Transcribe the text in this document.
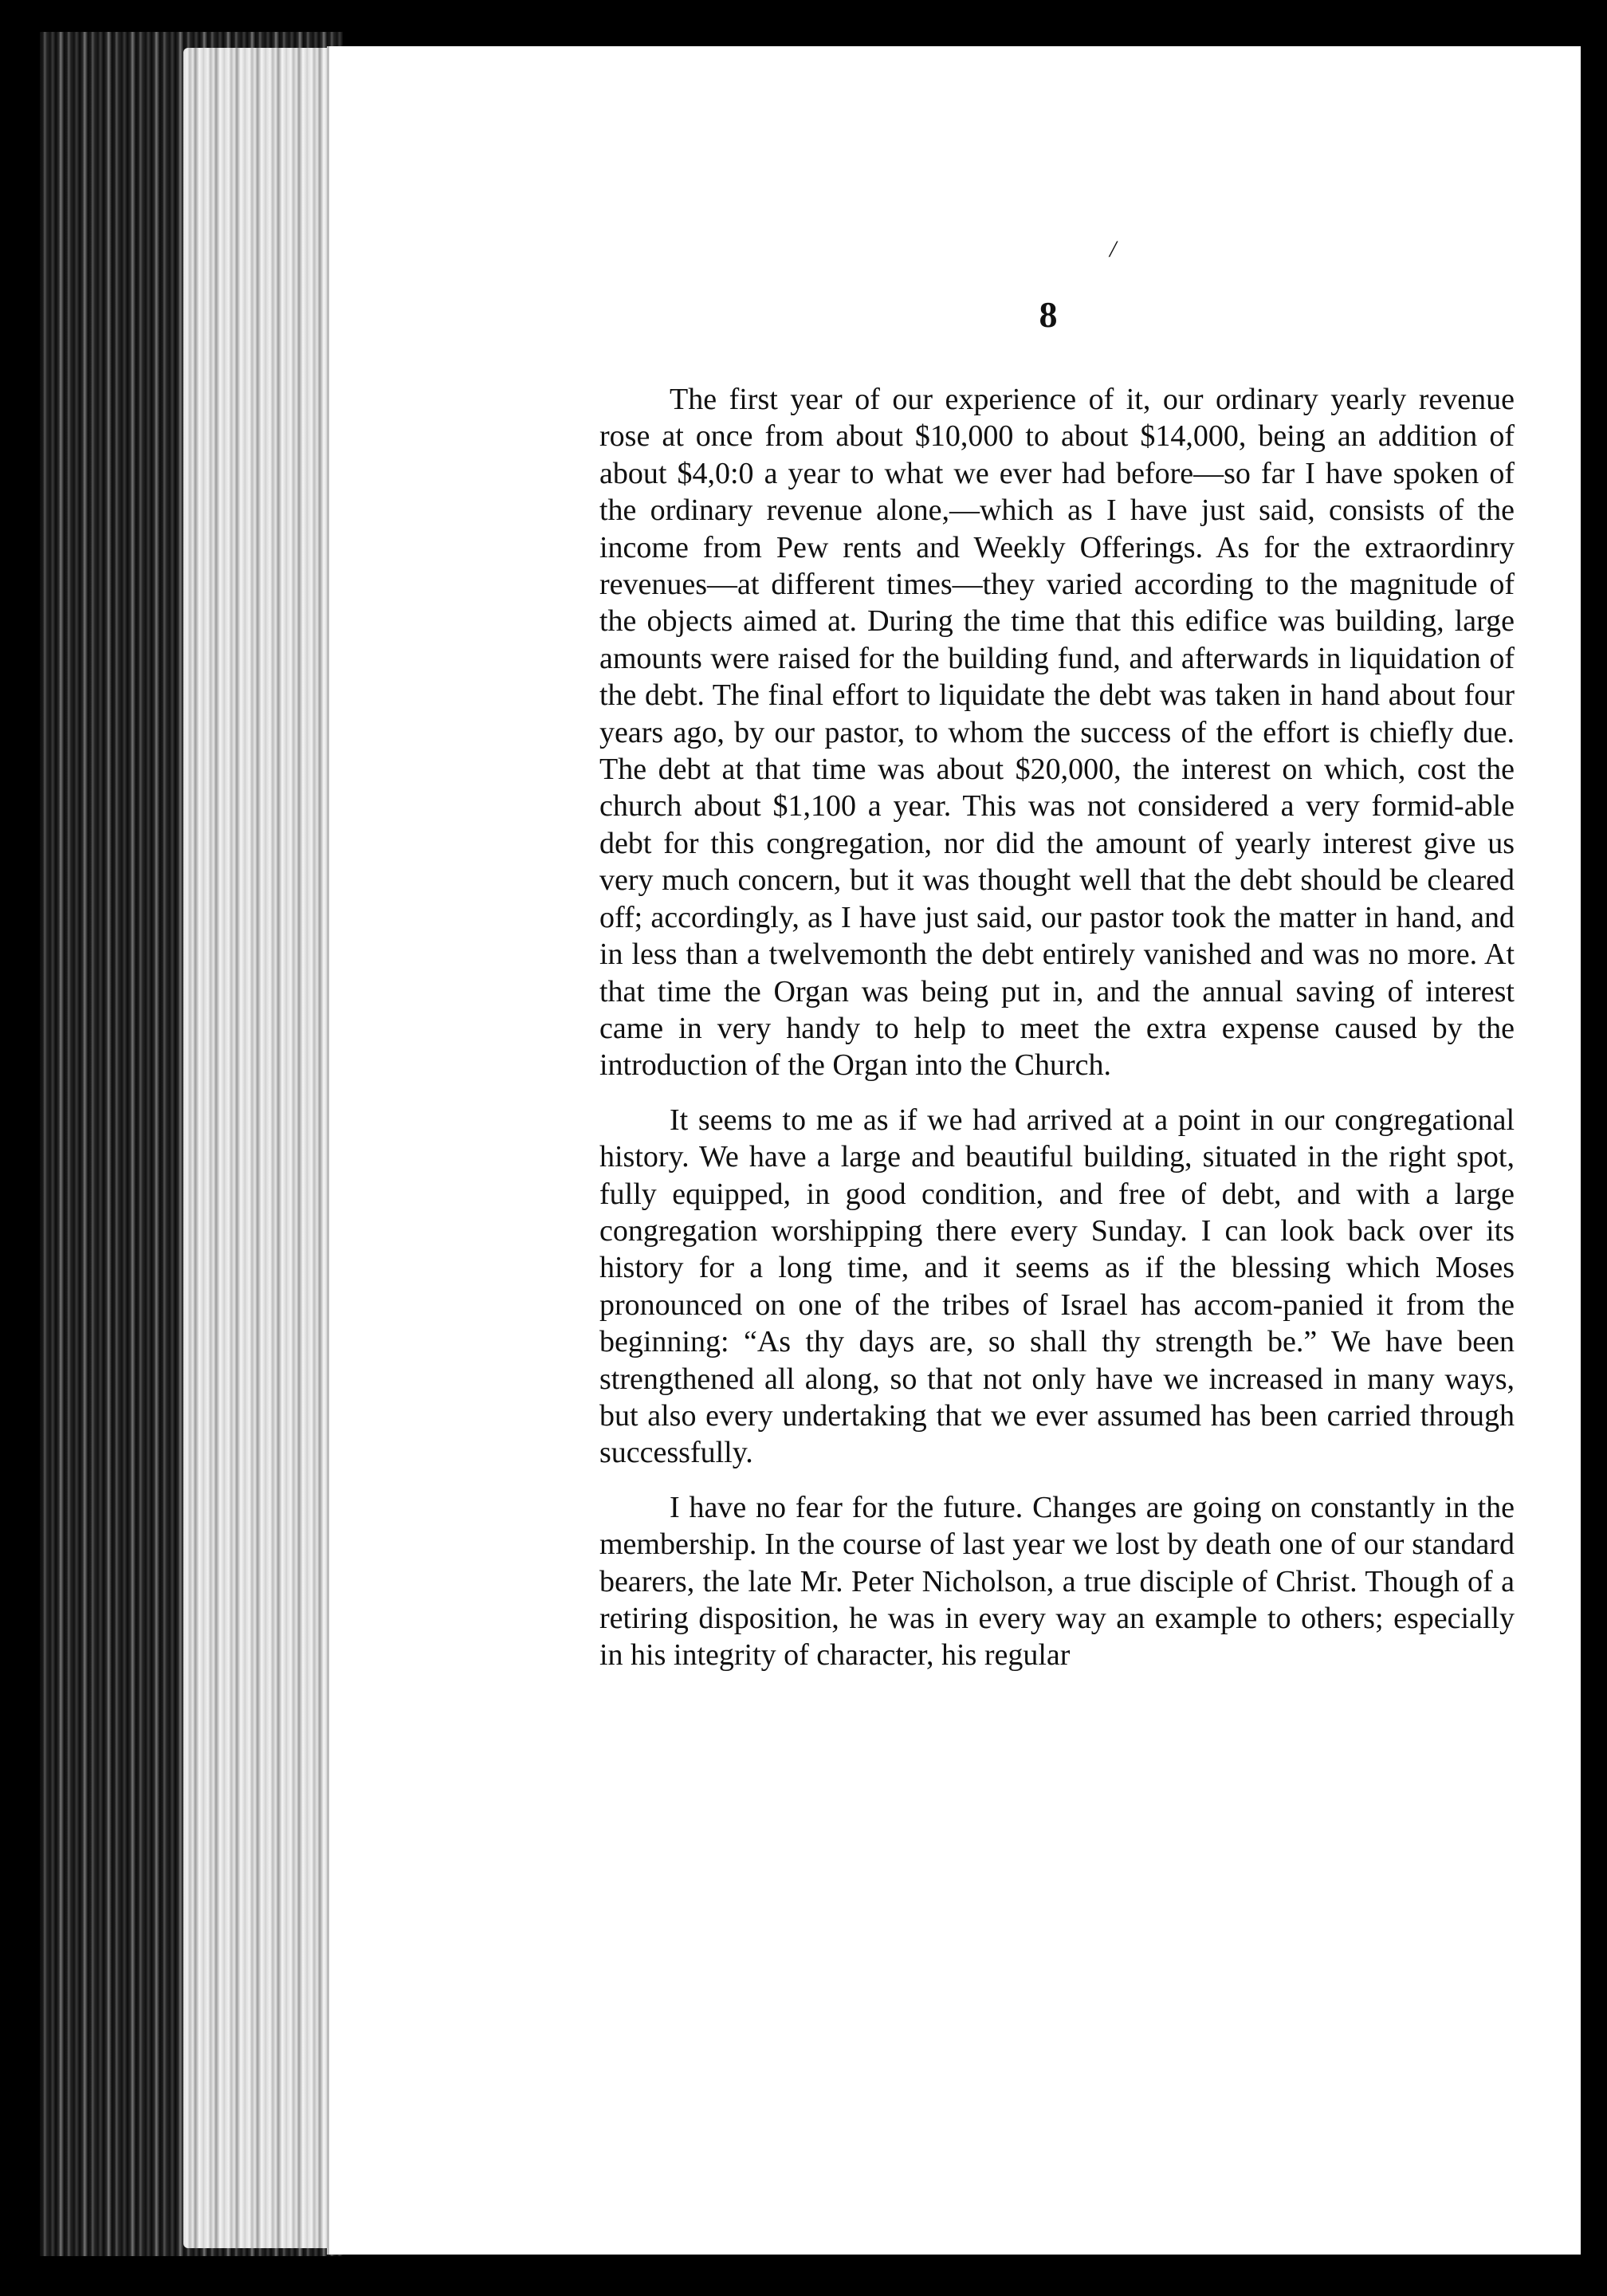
/
8

The first year of our experience of it, our ordinary yearly revenue rose at once from about $10,000 to about $14,000, being an addition of about $4,0:0 a year to what we ever had before—so far I have spoken of the ordinary revenue alone,—which as I have just said, consists of the income from Pew rents and Weekly Offerings. As for the extraordinry revenues—at different times—they varied according to the magnitude of the objects aimed at. During the time that this edifice was building, large amounts were raised for the building fund, and afterwards in liquidation of the debt. The final effort to liquidate the debt was taken in hand about four years ago, by our pastor, to whom the success of the effort is chiefly due. The debt at that time was about $20,000, the interest on which, cost the church about $1,100 a year. This was not considered a very formid-able debt for this congregation, nor did the amount of yearly interest give us very much concern, but it was thought well that the debt should be cleared off; accordingly, as I have just said, our pastor took the matter in hand, and in less than a twelvemonth the debt entirely vanished and was no more. At that time the Organ was being put in, and the annual saving of interest came in very handy to help to meet the extra expense caused by the introduction of the Organ into the Church.

It seems to me as if we had arrived at a point in our congregational history. We have a large and beautiful building, situated in the right spot, fully equipped, in good condition, and free of debt, and with a large congregation worshipping there every Sunday. I can look back over its history for a long time, and it seems as if the blessing which Moses pronounced on one of the tribes of Israel has accom-panied it from the beginning: “As thy days are, so shall thy strength be.” We have been strengthened all along, so that not only have we increased in many ways, but also every undertaking that we ever assumed has been carried through successfully.

I have no fear for the future. Changes are going on constantly in the membership. In the course of last year we lost by death one of our standard bearers, the late Mr. Peter Nicholson, a true disciple of Christ. Though of a retiring disposition, he was in every way an example to others; especially in his integrity of character, his regular
